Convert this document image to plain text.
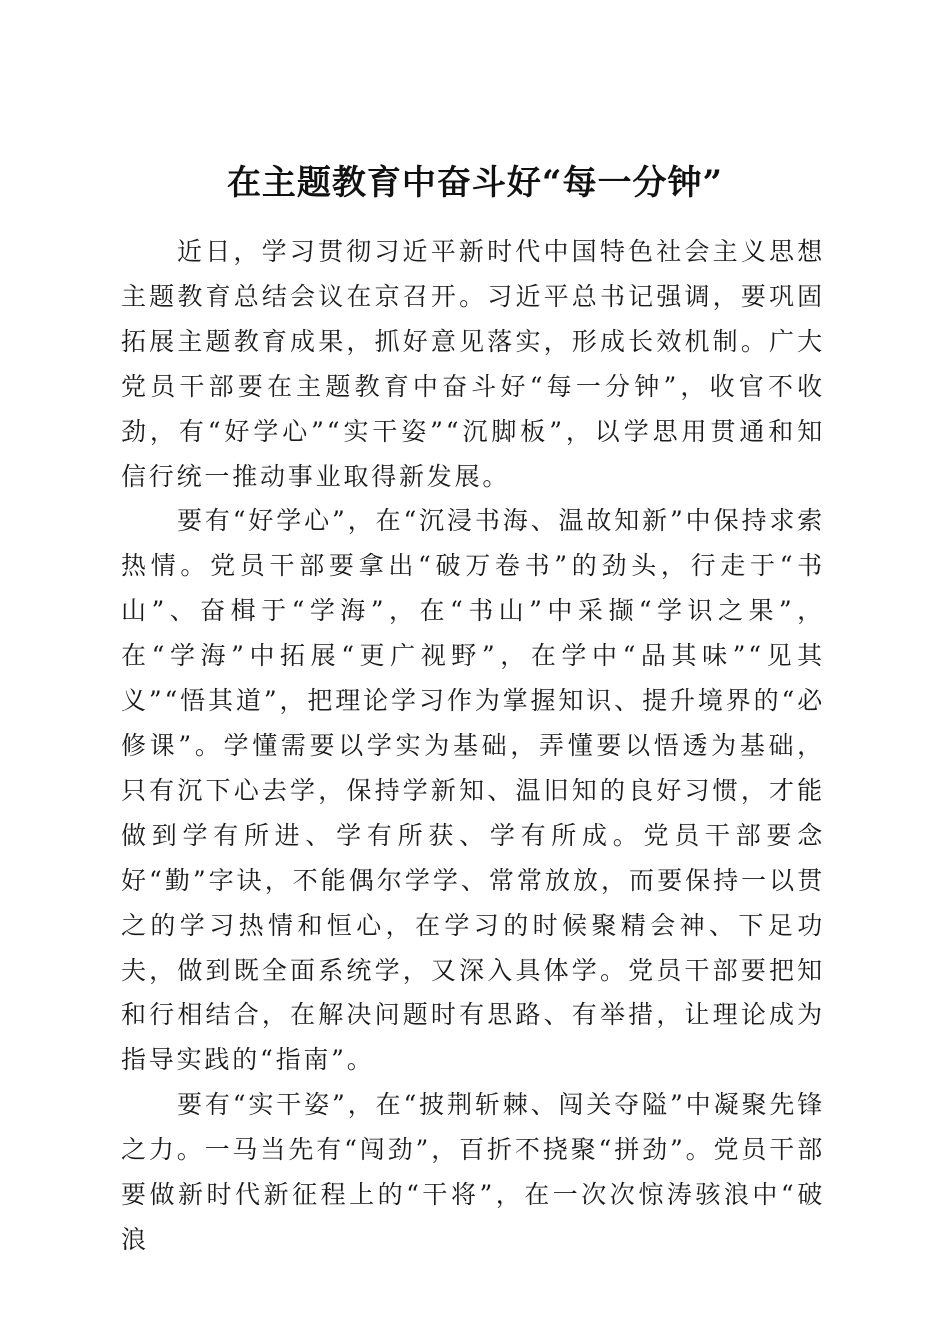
在主题教育中奋斗好“每一分钟”

近日，学习贯彻习近平新时代中国特色社会主义思想主题教育总结会议在京召开。习近平总书记强调，要巩固拓展主题教育成果，抓好意见落实，形成长效机制。广大党员干部要在主题教育中奋斗好“每一分钟”，收官不收劲，有“好学心”“实干姿”“沉脚板”，以学思用贯通和知信行统一推动事业取得新发展。

要有“好学心”，在“沉浸书海、温故知新”中保持求索热情。党员干部要拿出“破万卷书”的劲头，行走于“书山”、奋楫于“学海”，在“书山”中采撷“学识之果”，在“学海”中拓展“更广视野”，在学中“品其味”“见其义”“悟其道”，把理论学习作为掌握知识、提升境界的“必修课”。学懂需要以学实为基础，弄懂要以悟透为基础，只有沉下心去学，保持学新知、温旧知的良好习惯，才能做到学有所进、学有所获、学有所成。党员干部要念好“勤”字诀，不能偶尔学学、常常放放，而要保持一以贯之的学习热情和恒心，在学习的时候聚精会神、下足功夫，做到既全面系统学，又深入具体学。党员干部要把知和行相结合，在解决问题时有思路、有举措，让理论成为指导实践的“指南”。

要有“实干姿”，在“披荆斩棘、闯关夺隘”中凝聚先锋之力。一马当先有“闯劲”，百折不挠聚“拼劲”。党员干部要做新时代新征程上的“干将”，在一次次惊涛骇浪中“破浪
